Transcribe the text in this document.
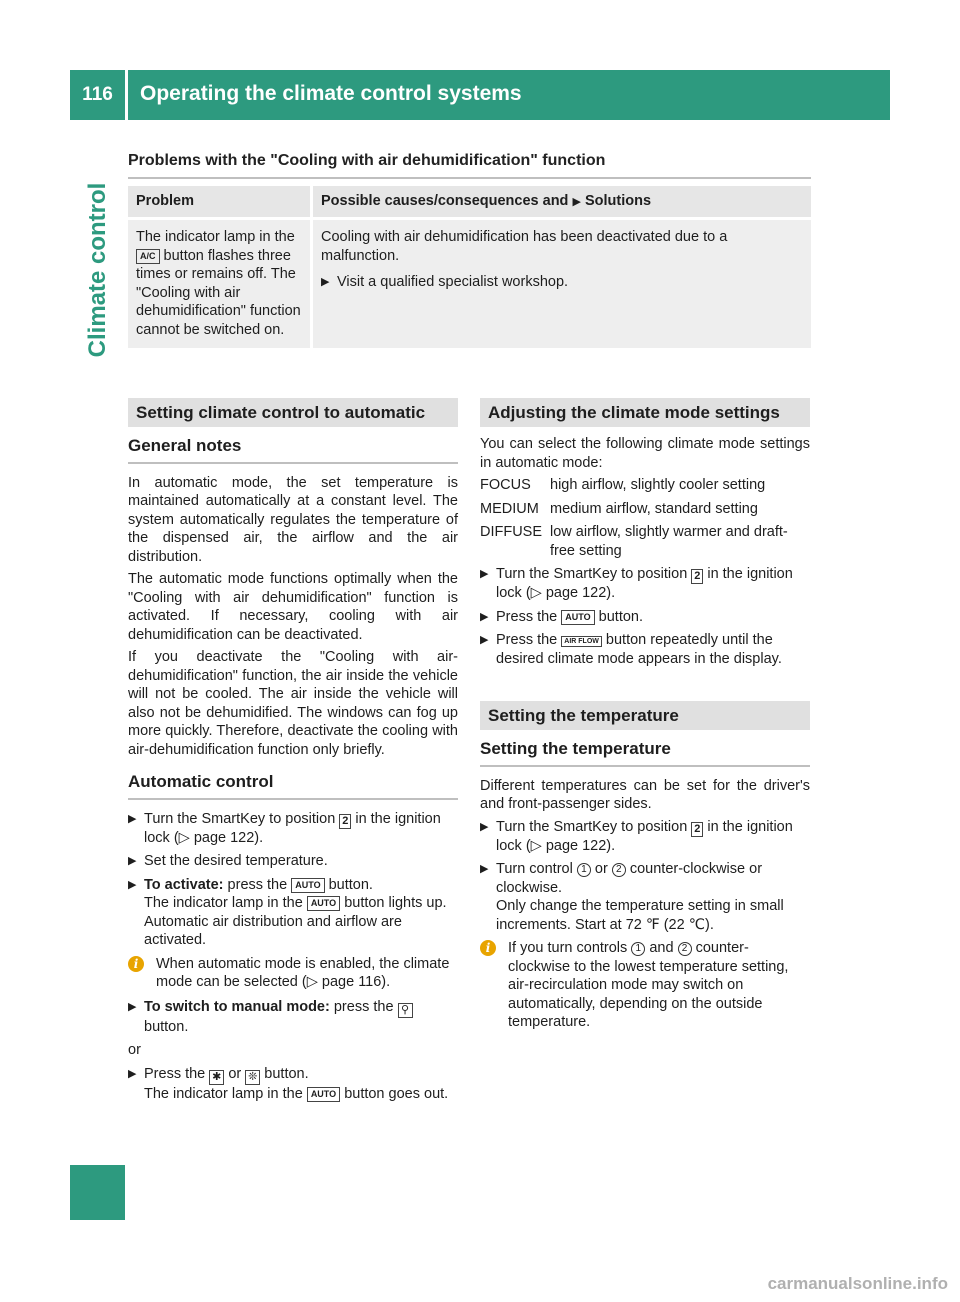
116	Operating the climate control systems
Climate control
Problems with the "Cooling with air dehumidification" function
Problem	Possible causes/consequences and ▶ Solutions
The indicator lamp in the A/C button flashes three times or remains off. The "Cooling with air dehumidification" function cannot be switched on.	Cooling with air dehumidification has been deactivated due to a malfunction.
▶ Visit a qualified specialist workshop.
Setting climate control to automatic
General notes
In automatic mode, the set temperature is maintained automatically at a constant level. The system automatically regulates the temperature of the dispensed air, the airflow and the air distribution.
The automatic mode functions optimally when the "Cooling with air dehumidification" function is activated. If necessary, cooling with air dehumidification can be deactivated.
If you deactivate the "Cooling with air-dehumidification" function, the air inside the vehicle will not be cooled. The air inside the vehicle will also not be dehumidified. The windows can fog up more quickly. Therefore, deactivate the cooling with air-dehumidification function only briefly.
Automatic control
▶ Turn the SmartKey to position 2 in the ignition lock (▷ page 122).
▶ Set the desired temperature.
▶ To activate: press the AUTO button.
The indicator lamp in the AUTO button lights up. Automatic air distribution and airflow are activated.
i	When automatic mode is enabled, the climate mode can be selected (▷ page 116).
▶ To switch to manual mode: press the ⚲
button.
or
▶ Press the ✱ or ❊ button.
The indicator lamp in the AUTO button goes out.
Adjusting the climate mode settings
You can select the following climate mode settings in automatic mode:
FOCUS	high airflow, slightly cooler setting
MEDIUM medium airflow, standard setting
DIFFUSE low airflow, slightly warmer and draft-free setting
▶ Turn the SmartKey to position 2 in the ignition lock (▷ page 122).
▶ Press the AUTO button.
▶ Press the AIR FLOW button repeatedly until the desired climate mode appears in the display.
Setting the temperature
Setting the temperature
Different temperatures can be set for the driver's and front-passenger sides.
▶ Turn the SmartKey to position 2 in the ignition lock (▷ page 122).
▶ Turn control 1 or 2 counter-clockwise or clockwise.
Only change the temperature setting in small increments. Start at 72 ℉ (22 ℃).
i	If you turn controls 1 and 2 counter-clockwise to the lowest temperature setting, air-recirculation mode may switch on automatically, depending on the outside temperature.
carmanualsonline.info
